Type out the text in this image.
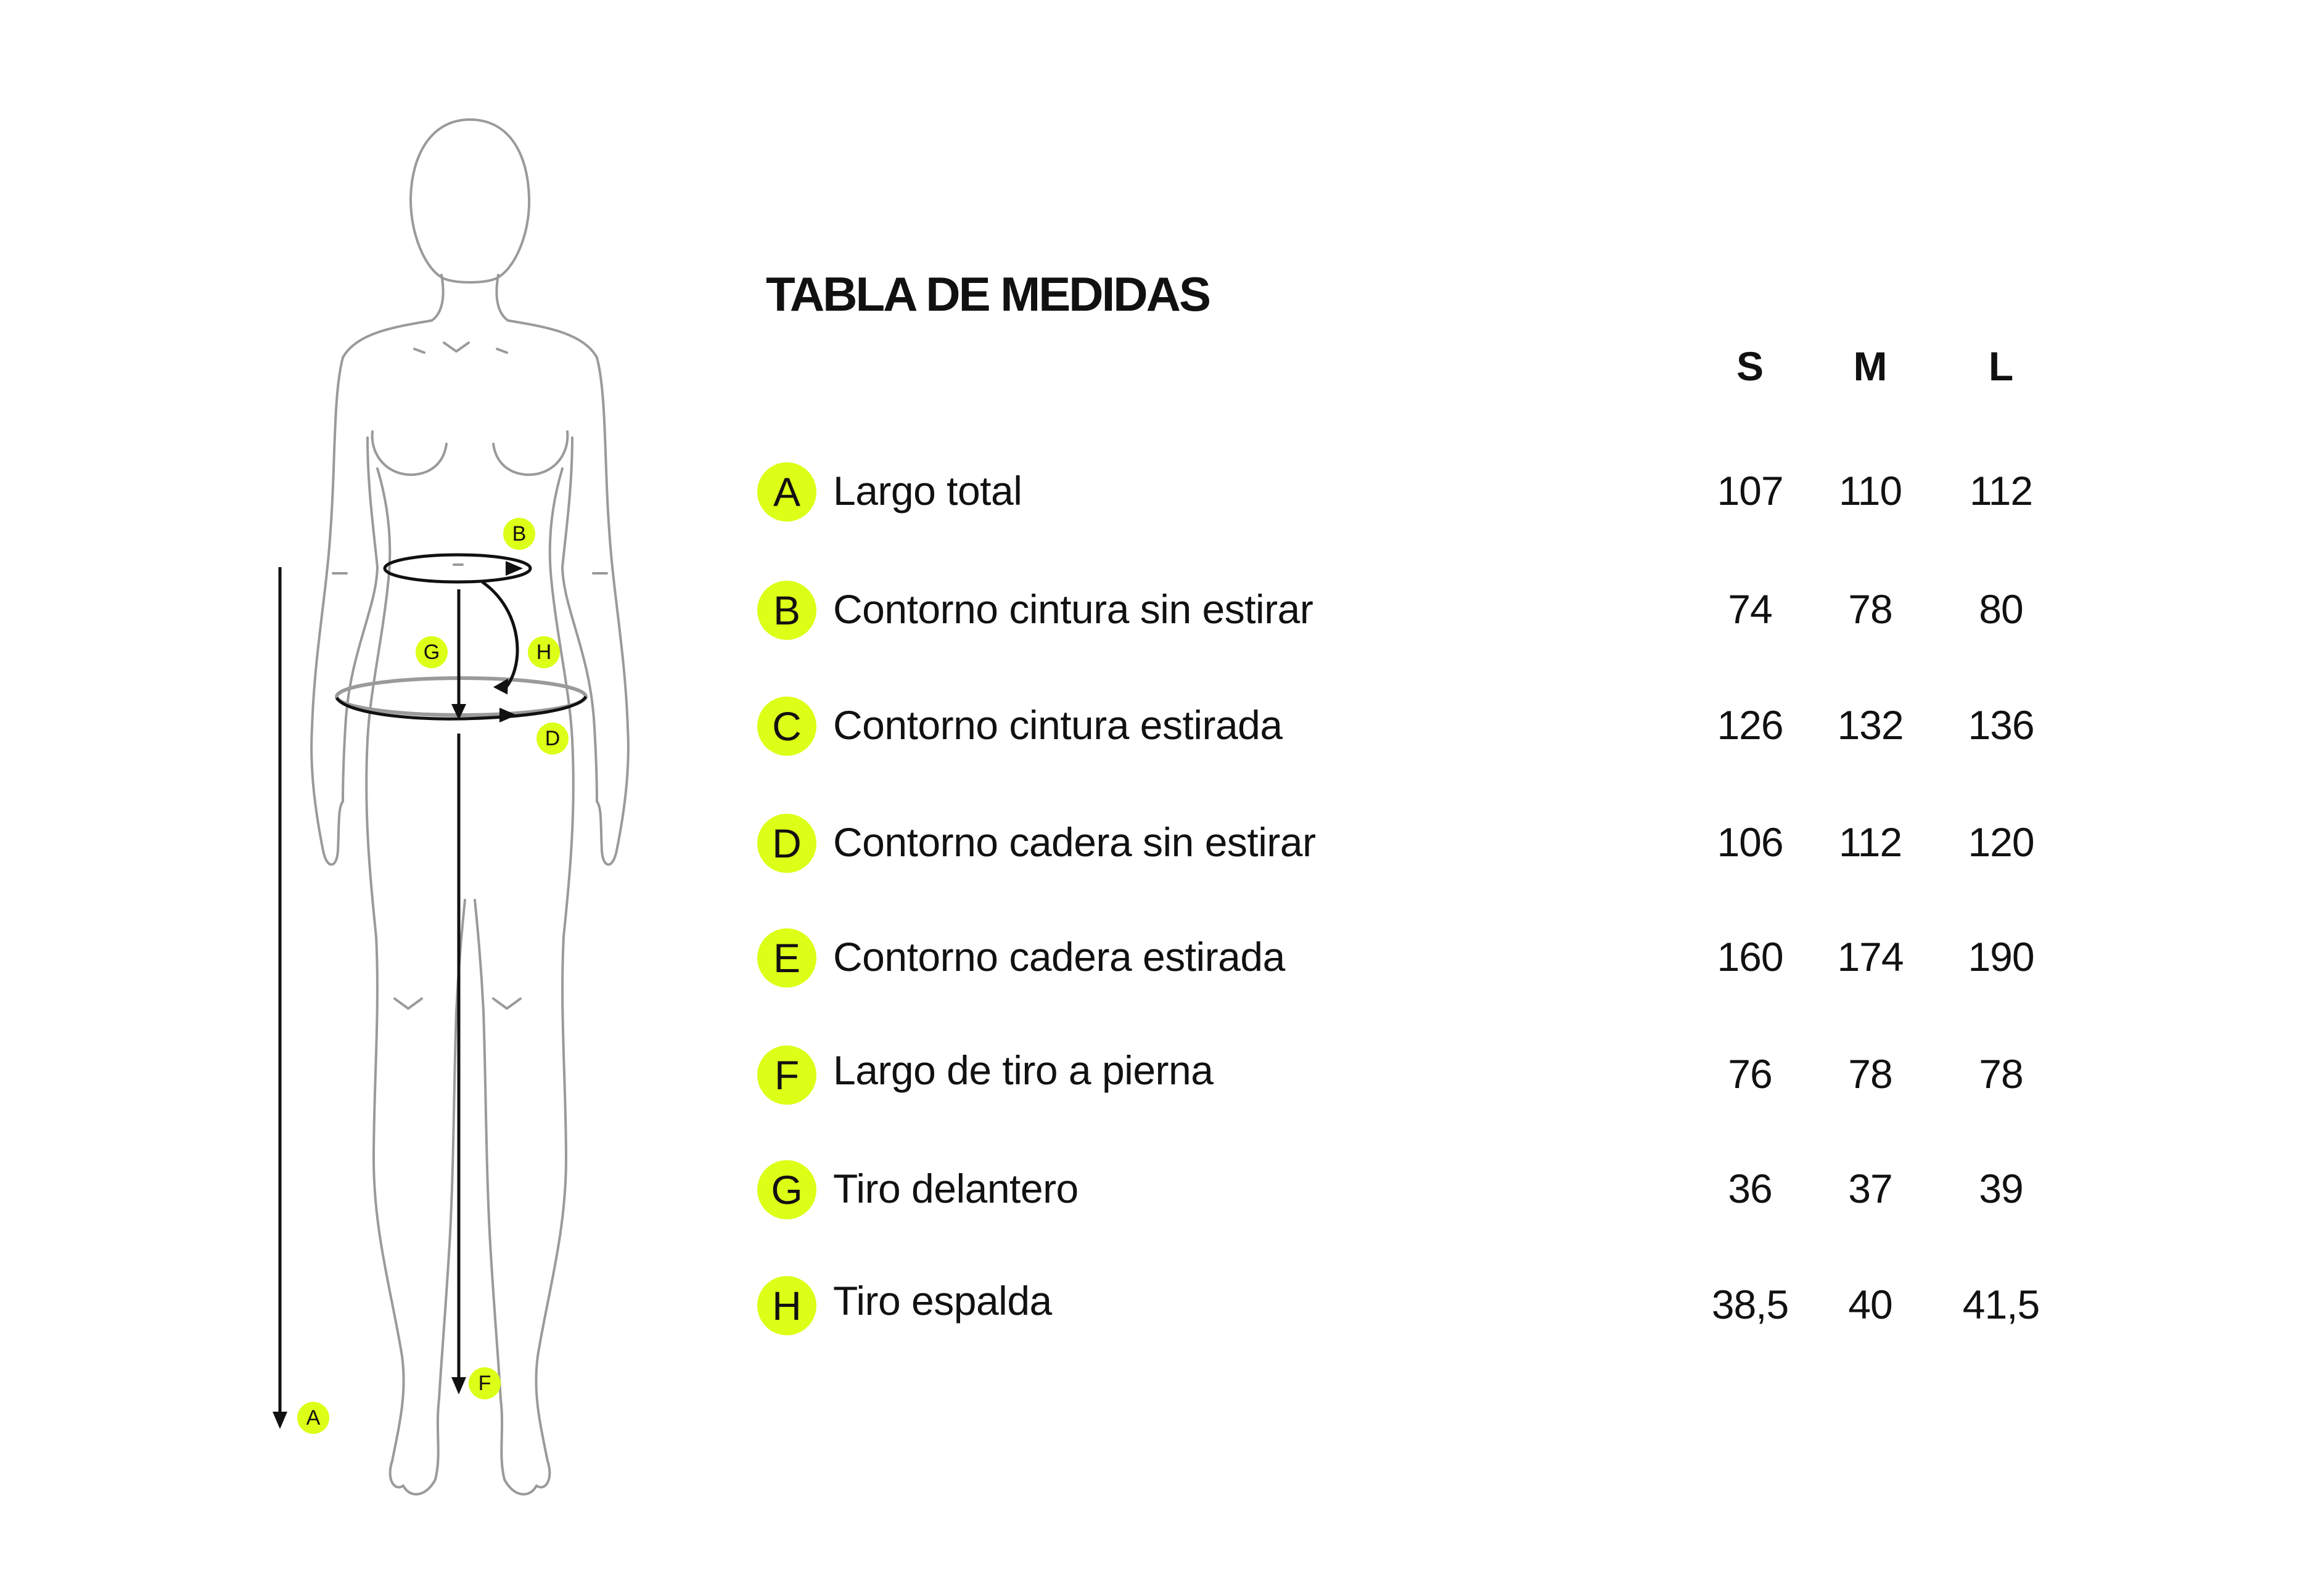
A
B
D
F
G	H
TABLA DE MEDIDAS
S	M	L
A Largo total	107	110	112
B Contorno cintura sin estirar	74	78	80
C Contorno cintura estirada	126	132	136
D Contorno cadera sin estirar	106	112	120
E Contorno cadera estirada	160	174	190
F Largo de tiro a pierna	76	78	78
G Tiro delantero	36	37	39
H Tiro espalda	38,5	40	41,5
